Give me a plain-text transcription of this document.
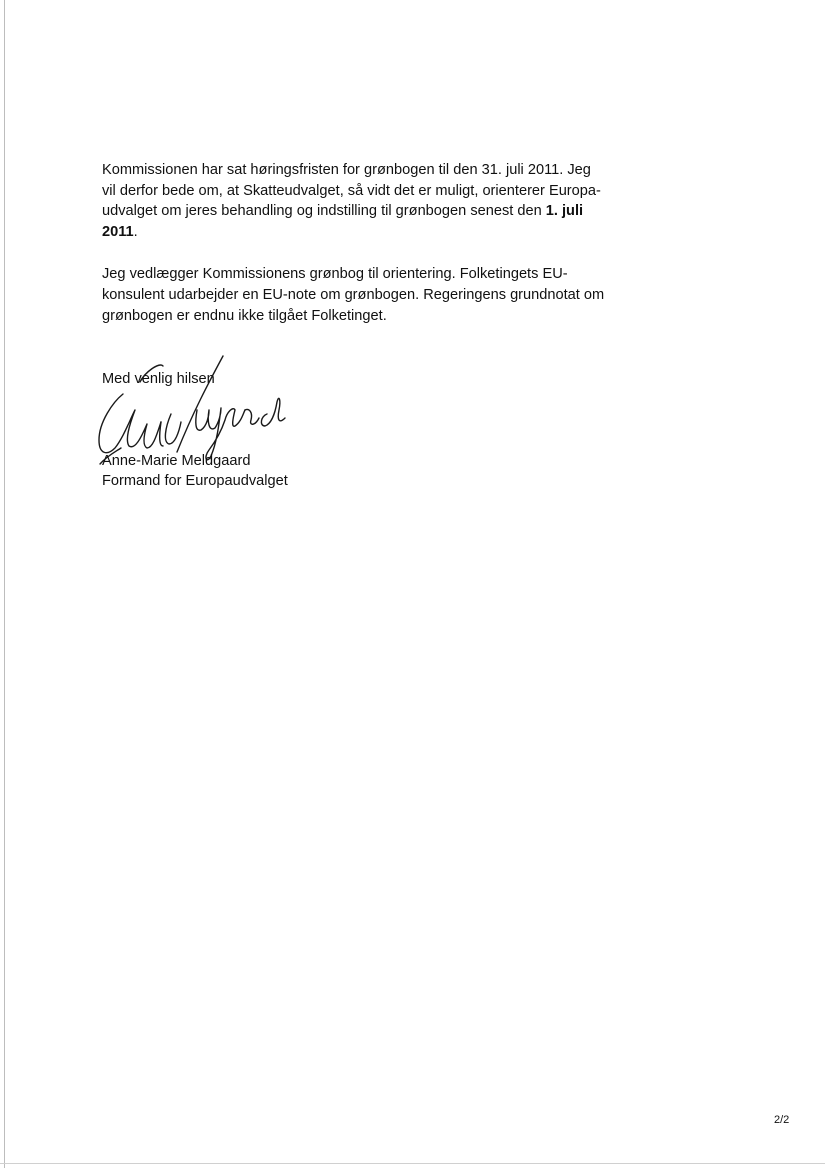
Kommissionen har sat høringsfristen for grønbogen til den 31. juli 2011. Jeg
vil derfor bede om, at Skatteudvalget, så vidt det er muligt, orienterer Europa-
udvalget om jeres behandling og indstilling til grønbogen senest den 1. juli
2011.

Jeg vedlægger Kommissionens grønbog til orientering. Folketingets EU-
konsulent udarbejder en EU-note om grønbogen. Regeringens grundnotat om
grønbogen er endnu ikke tilgået Folketinget.

Med venlig hilsen
Anne-Marie Meldgaard
Formand for Europaudvalget
2/2
